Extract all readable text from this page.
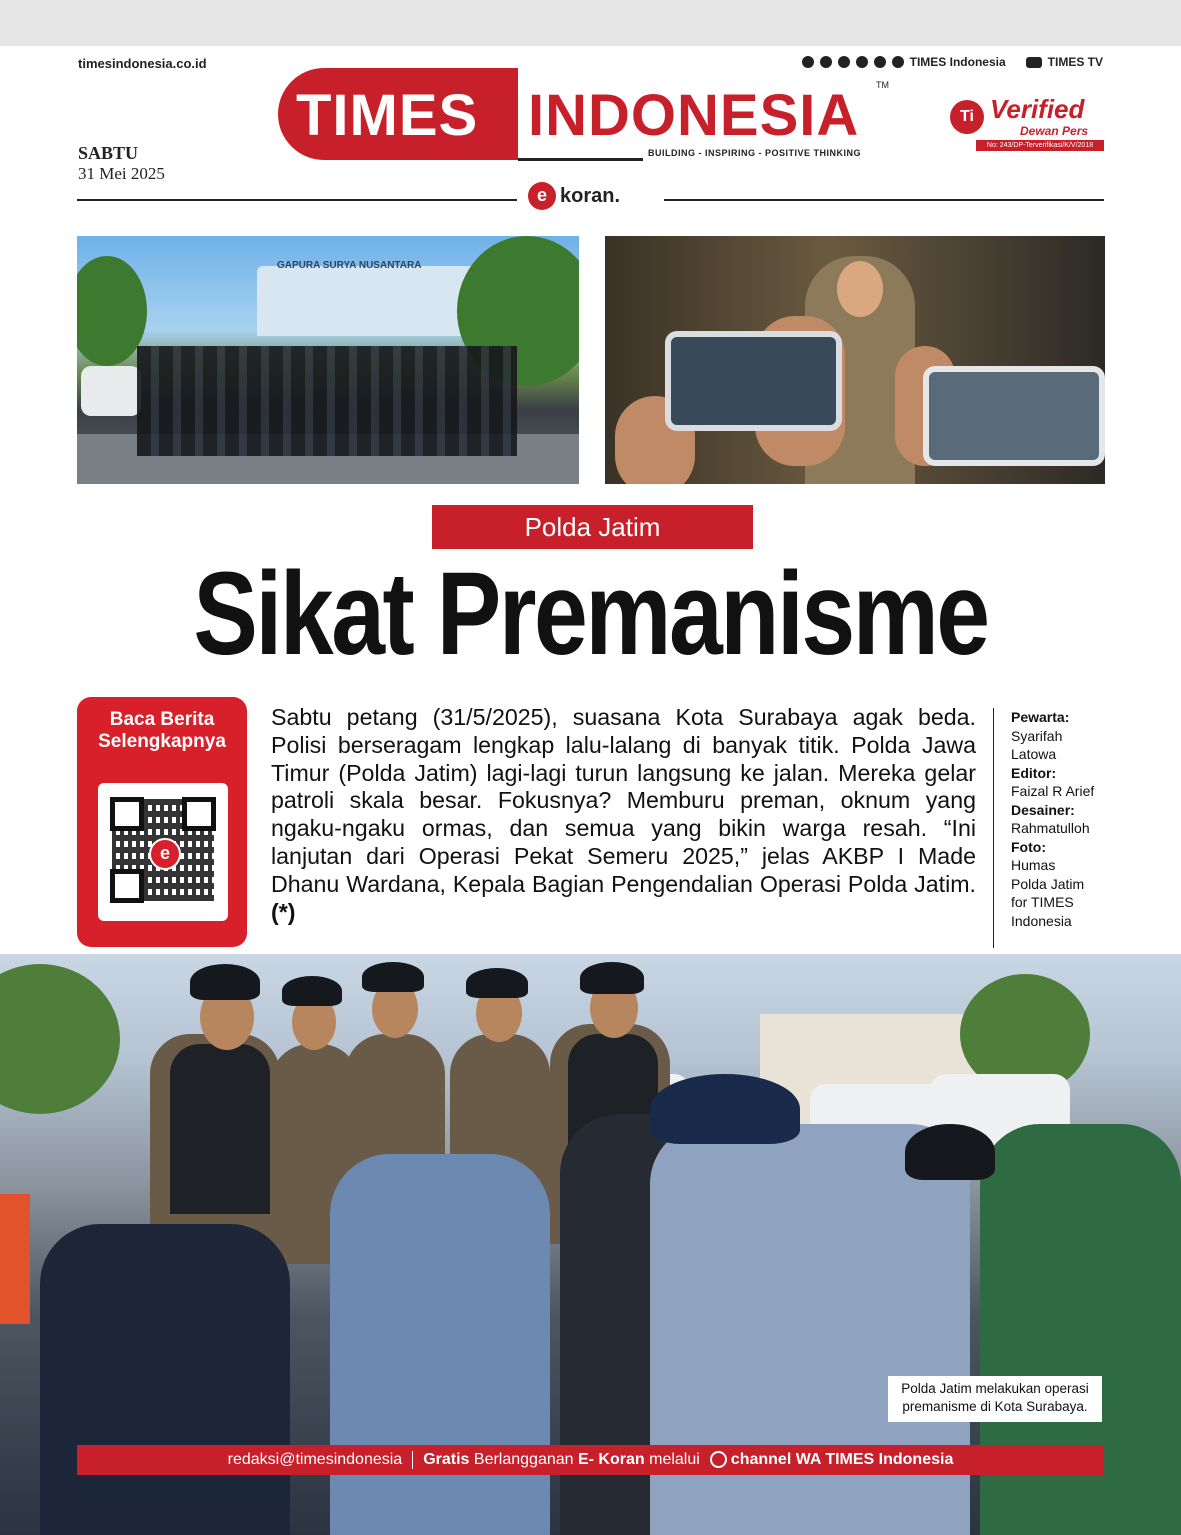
timesindonesia.co.id	TIMES Indonesia	TIMES TV
TIMES INDONESIA TM
BUILDING - INSPIRING - POSITIVE THINKING
Ti Verified
Dewan Pers
No: 243/DP-Terverifikasi/K/V/2018
SABTU
31 Mei 2025
e koran.
GAPURA SURYA NUSANTARA
Polda Jatim
Sikat Premanisme
Baca Berita
Selengkapnya
e
Sabtu petang (31/5/2025), suasana Kota Surabaya agak beda. Polisi berseragam lengkap lalu-lalang di banyak titik. Polda Jawa Timur (Polda Jatim) lagi-lagi turun langsung ke jalan. Mereka gelar patroli skala besar. Fokusnya? Memburu preman, oknum yang ngaku-ngaku ormas, dan semua yang bikin warga resah. “Ini lanjutan dari Operasi Pekat Semeru 2025,” jelas AKBP I Made Dhanu Wardana, Kepala Bagian Pengendalian Operasi Polda Jatim. (*)
Pewarta:
Syarifah
Latowa
Editor:
Faizal R Arief
Desainer:
Rahmatulloh
Foto:
Humas
Polda Jatim
for TIMES
Indonesia
Polda Jatim melakukan operasi
premanisme di Kota Surabaya.
redaksi@timesindonesia Gratis Berlangganan E- Koran melalui	channel WA TIMES Indonesia
